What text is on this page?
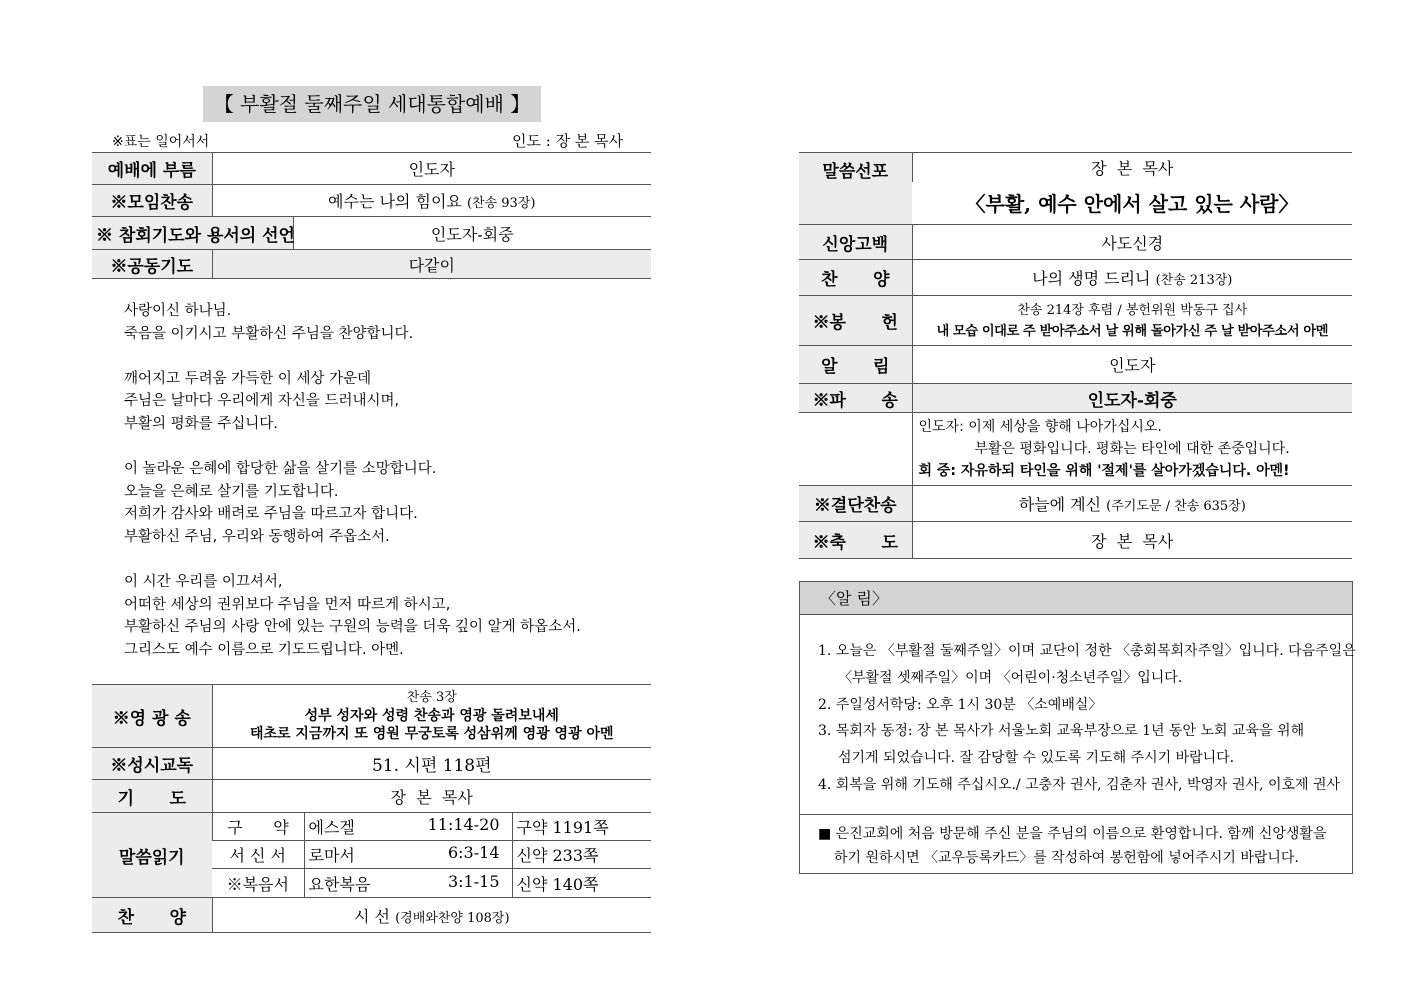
【 부활절 둘째주일 세대통합예배 】
※표는 일어서서	인도 : 장 본 목사
예배에 부름	인도자	
※모임찬송	예수는 나의 힘이요 (찬송 93장)	
※ 참회기도와 용서의 선언		인도자-회중
※공동기도	다같이	

사랑이신 하나님.

죽음을 이기시고 부활하신 주님을 찬양합니다.

깨어지고 두려움 가득한 이 세상 가운데

주님은 날마다 우리에게 자신을 드러내시며,

부활의 평화를 주십니다.

이 놀라운 은혜에 합당한 삶을 살기를 소망합니다.

오늘을 은혜로 살기를 기도합니다.

저희가 감사와 배려로 주님을 따르고자 합니다.

부활하신 주님, 우리와 동행하여 주옵소서.

이 시간 우리를 이끄셔서,

어떠한 세상의 권위보다 주님을 먼저 따르게 하시고,

부활하신 주님의 사랑 안에 있는 구원의 능력을 더욱 깊이 알게 하옵소서.

그리스도 예수 이름으로 기도드립니다. 아멘.

※영 광 송	찬송 3장
성부 성자와 성령 찬송과 영광 돌려보내세
태초로 지금까지 또 영원 무궁토록 성삼위께 영광 영광 아멘		

※성시교독	51. 시편 118편		
기      도	장  본  목사		
말씀읽기	구      약	에스겔 11:14-20	구약 1191쪽
	서 신 서	로마서 6:3-14	신약 233쪽
	※복음서	요한복음 3:1-15	신약 140쪽
찬      양	시 선 (경배와찬양 108장)		
말씀선포	장  본  목사
	〈부활, 예수 안에서 살고 있는 사람〉
신앙고백	사도신경
찬      양	나의 생명 드리니 (찬송 213장)
※봉      헌	찬송 214장 후렴 / 봉헌위원 박동구 집사
내 모습 이대로 주 받아주소서 날 위해 돌아가신 주 날 받아주소서 아멘

알      림	인도자
※파      송	인도자-회중

	인도자: 이제 세상을 향해 나아가십시오.
부활은 평화입니다. 평화는 타인에 대한 존중입니다.
회 중: 자유하되 타인을 위해 '절제'를 살아가겠습니다. 아멘!

※결단찬송	하늘에 계신 (주기도문 / 찬송 635장)
※축      도	장  본  목사
〈알 림〉
1. 오늘은 〈부활절 둘째주일〉이며 교단이 정한 〈총회목회자주일〉입니다. 다음주일은
〈부활절 셋째주일〉이며 〈어린이·청소년주일〉입니다.
2. 주일성서학당: 오후 1시 30분 〈소예배실〉
3. 목회자 동정: 장 본 목사가 서울노회 교육부장으로 1년 동안 노회 교육을 위해
섬기게 되었습니다. 잘 감당할 수 있도록 기도해 주시기 바랍니다.
4. 회복을 위해 기도해 주십시오./ 고충자 권사, 김춘자 권사, 박영자 권사, 이호제 권사
■ 은진교회에 처음 방문해 주신 분을 주님의 이름으로 환영합니다. 함께 신앙생활을
하기 원하시면 〈교우등록카드〉를 작성하여 봉헌함에 넣어주시기 바랍니다.
